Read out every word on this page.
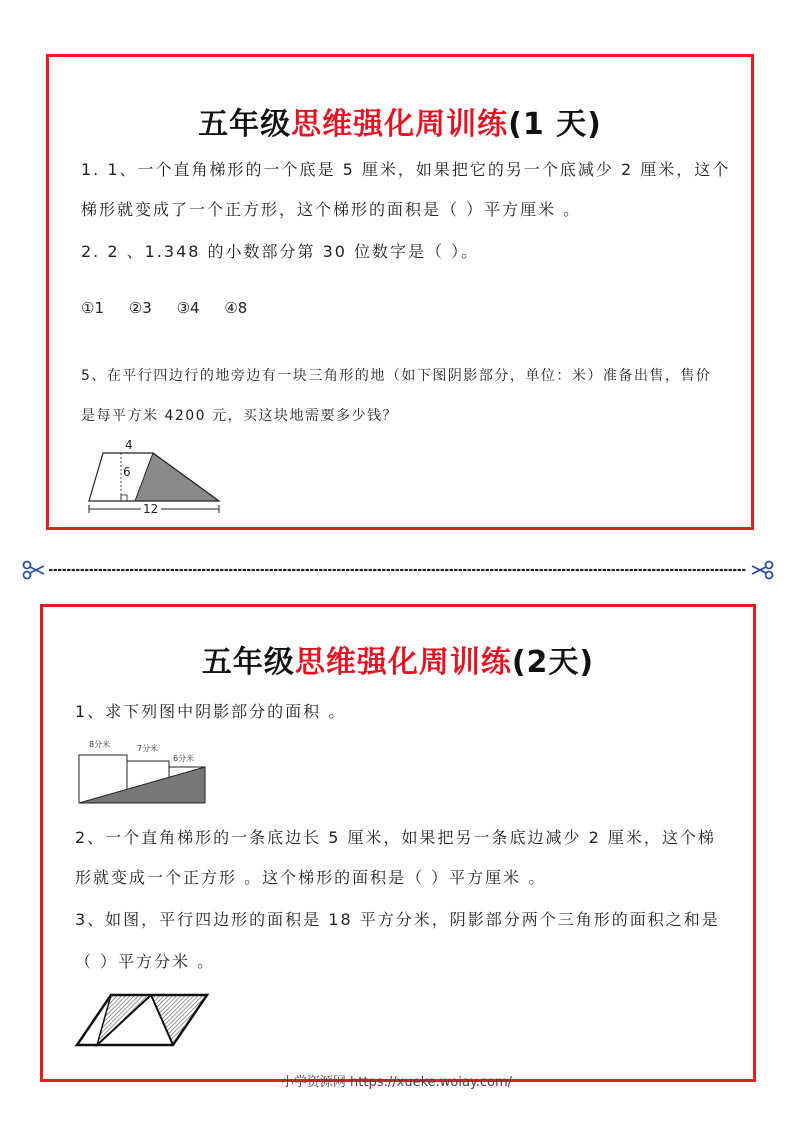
五年级思维强化周训练(1 天)
1. 1、一个直角梯形的一个底是 5 厘米，如果把它的另一个底减少 2 厘米，这个
梯形就变成了一个正方形，这个梯形的面积是（ ）平方厘米 。
2. 2 、1.348 的小数部分第 30 位数字是（ ）。
①1 ②3 ③4 ④8
5、在平行四边行的地旁边有一块三角形的地（如下图阴影部分，单位：米）准备出售，售价
是每平方米 4200 元，买这块地需要多少钱？
12
4
6
五年级思维强化周训练(2天)
1、求下列图中阴影部分的面积 。
8分米	7分米
6分米
2、一个直角梯形的一条底边长 5 厘米，如果把另一条底边减少 2 厘米，这个梯
形就变成一个正方形 。这个梯形的面积是（ ）平方厘米 。
3、如图，平行四边形的面积是 18 平方分米，阴影部分两个三角形的面积之和是
（ ）平方分米 。
小学资源网 https://xueke.woiay.com/
